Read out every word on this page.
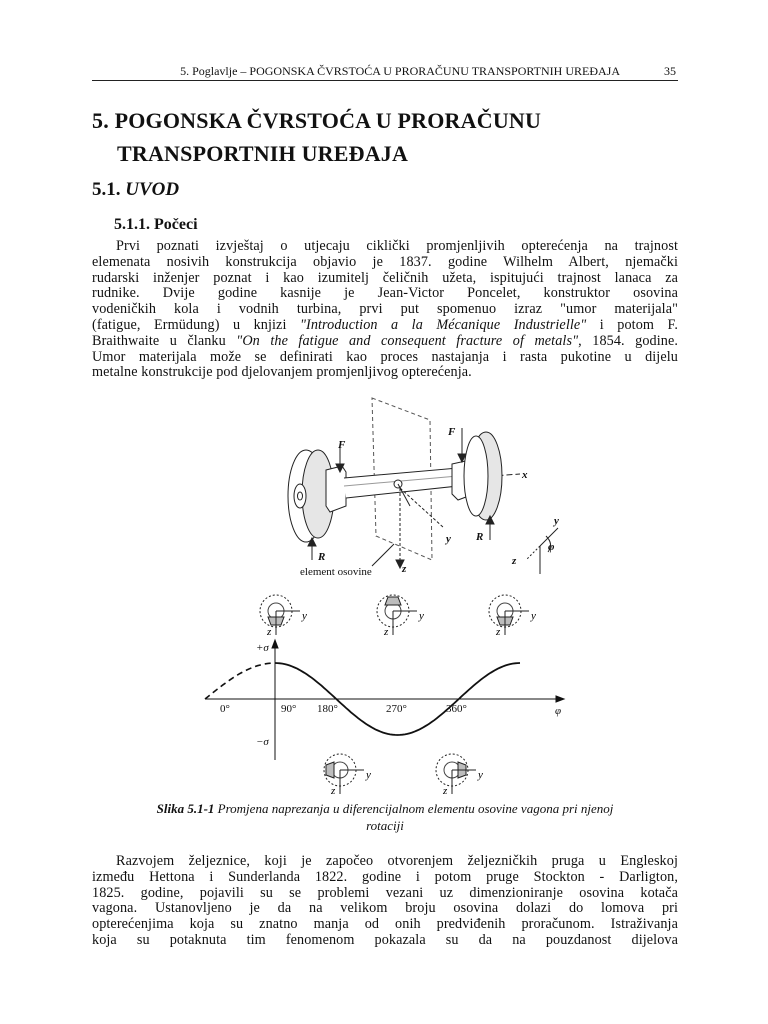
5. Poglavlje – POGONSKA ČVRSTOĆA U PRORAČUNU TRANSPORTNIH UREĐAJA	35
5. POGONSKA ČVRSTOĆA U PRORAČUNU
TRANSPORTNIH UREĐAJA
5.1. UVOD
5.1.1. Počeci
Prvi poznati izvještaj o utjecaju ciklički promjenljivih opterećenja na trajnost
elemenata nosivih konstrukcija objavio je 1837. godine Wilhelm Albert, njemački
rudarski inženjer poznat i kao izumitelj čeličnih užeta, ispitujući trajnost lanaca za
rudnike. Dvije godine kasnije je Jean-Victor Poncelet, konstruktor osovina
vodeničkih kola i vodnih turbina, prvi put spomenuo izraz "umor materijala"
(fatigue, Ermüdung) u knjizi "Introduction a la Mécanique Industrielle" i potom F.
Braithwaite u članku "On the fatigue and consequent fracture of metals", 1854. godine.
Umor materijala može se definirati kao proces nastajanja i rasta pukotine u dijelu
metalne konstrukcije pod djelovanjem promjenljivog opterećenja.
F
F
R
R
x
y
z
element osovine
y
z
φ
+σ
−σ
φ
0°	90° 180°	270°	360°
y
z
y
z
y
z
y
z
y
z
Slika 5.1-1 Promjena naprezanja u diferencijalnom elementu osovine vagona pri njenoj
rotaciji
Razvojem željeznice, koji je započeo otvorenjem željezničkih pruga u Engleskoj
između Hettona i Sunderlanda 1822. godine i potom pruge Stockton - Darligton,
1825. godine, pojavili su se problemi vezani uz dimenzioniranje osovina kotača
vagona. Ustanovljeno je da na velikom broju osovina dolazi do lomova pri
opterećenjima koja su znatno manja od onih predviđenih proračunom. Istraživanja
koja su potaknuta tim fenomenom pokazala su da na pouzdanost dijelova
